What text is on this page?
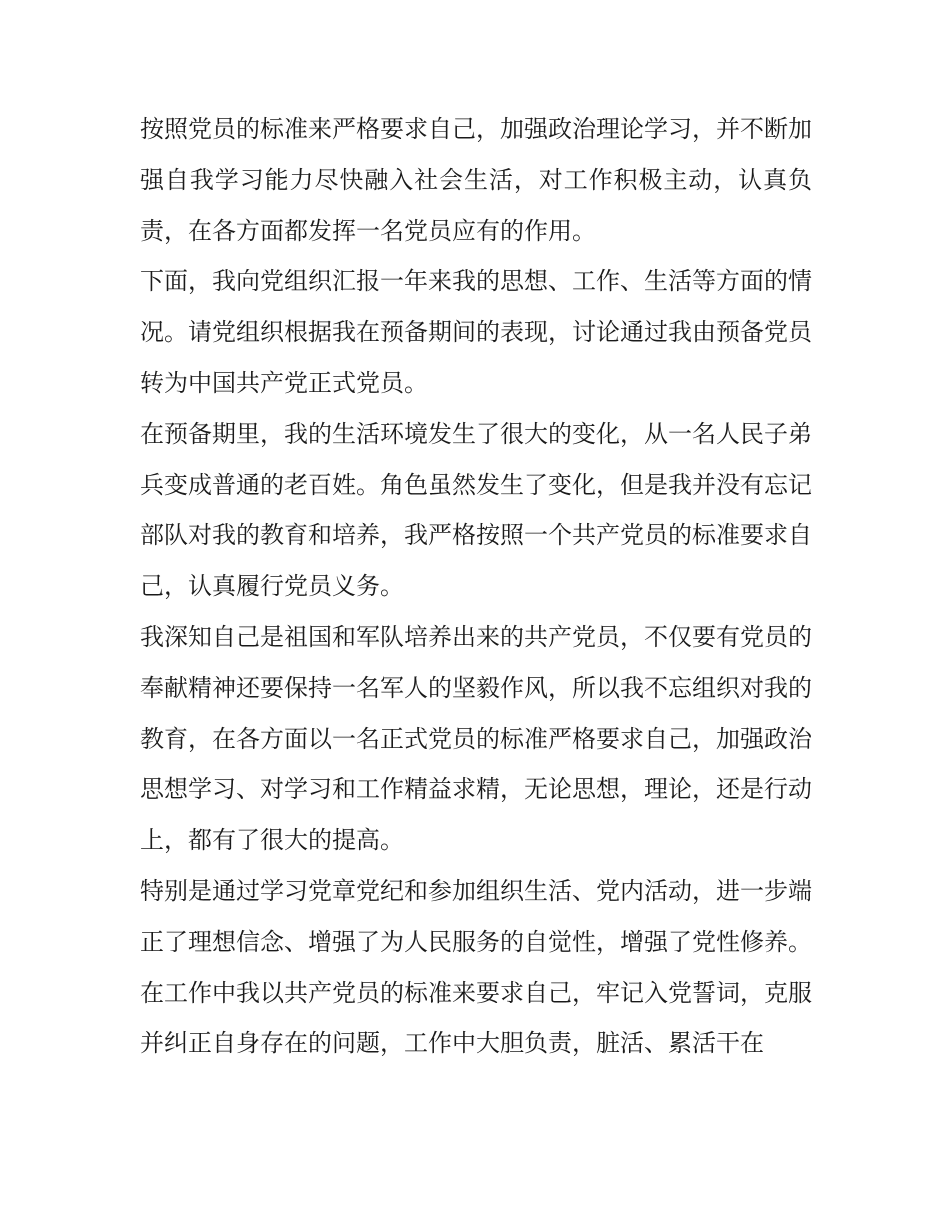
按照党员的标准来严格要求自己，加强政治理论学习，并不断加强自我学习能力尽快融入社会生活，对工作积极主动，认真负责，在各方面都发挥一名党员应有的作用。

下面，我向党组织汇报一年来我的思想、工作、生活等方面的情况。请党组织根据我在预备期间的表现，讨论通过我由预备党员转为中国共产党正式党员。

在预备期里，我的生活环境发生了很大的变化，从一名人民子弟兵变成普通的老百姓。角色虽然发生了变化，但是我并没有忘记部队对我的教育和培养，我严格按照一个共产党员的标准要求自己，认真履行党员义务。

我深知自己是祖国和军队培养出来的共产党员，不仅要有党员的奉献精神还要保持一名军人的坚毅作风，所以我不忘组织对我的教育，在各方面以一名正式党员的标准严格要求自己，加强政治思想学习、对学习和工作精益求精，无论思想，理论，还是行动上，都有了很大的提高。

特别是通过学习党章党纪和参加组织生活、党内活动，进一步端正了理想信念、增强了为人民服务的自觉性，增强了党性修养。

在工作中我以共产党员的标准来要求自己，牢记入党誓词，克服并纠正自身存在的问题，工作中大胆负责，脏活、累活干在
